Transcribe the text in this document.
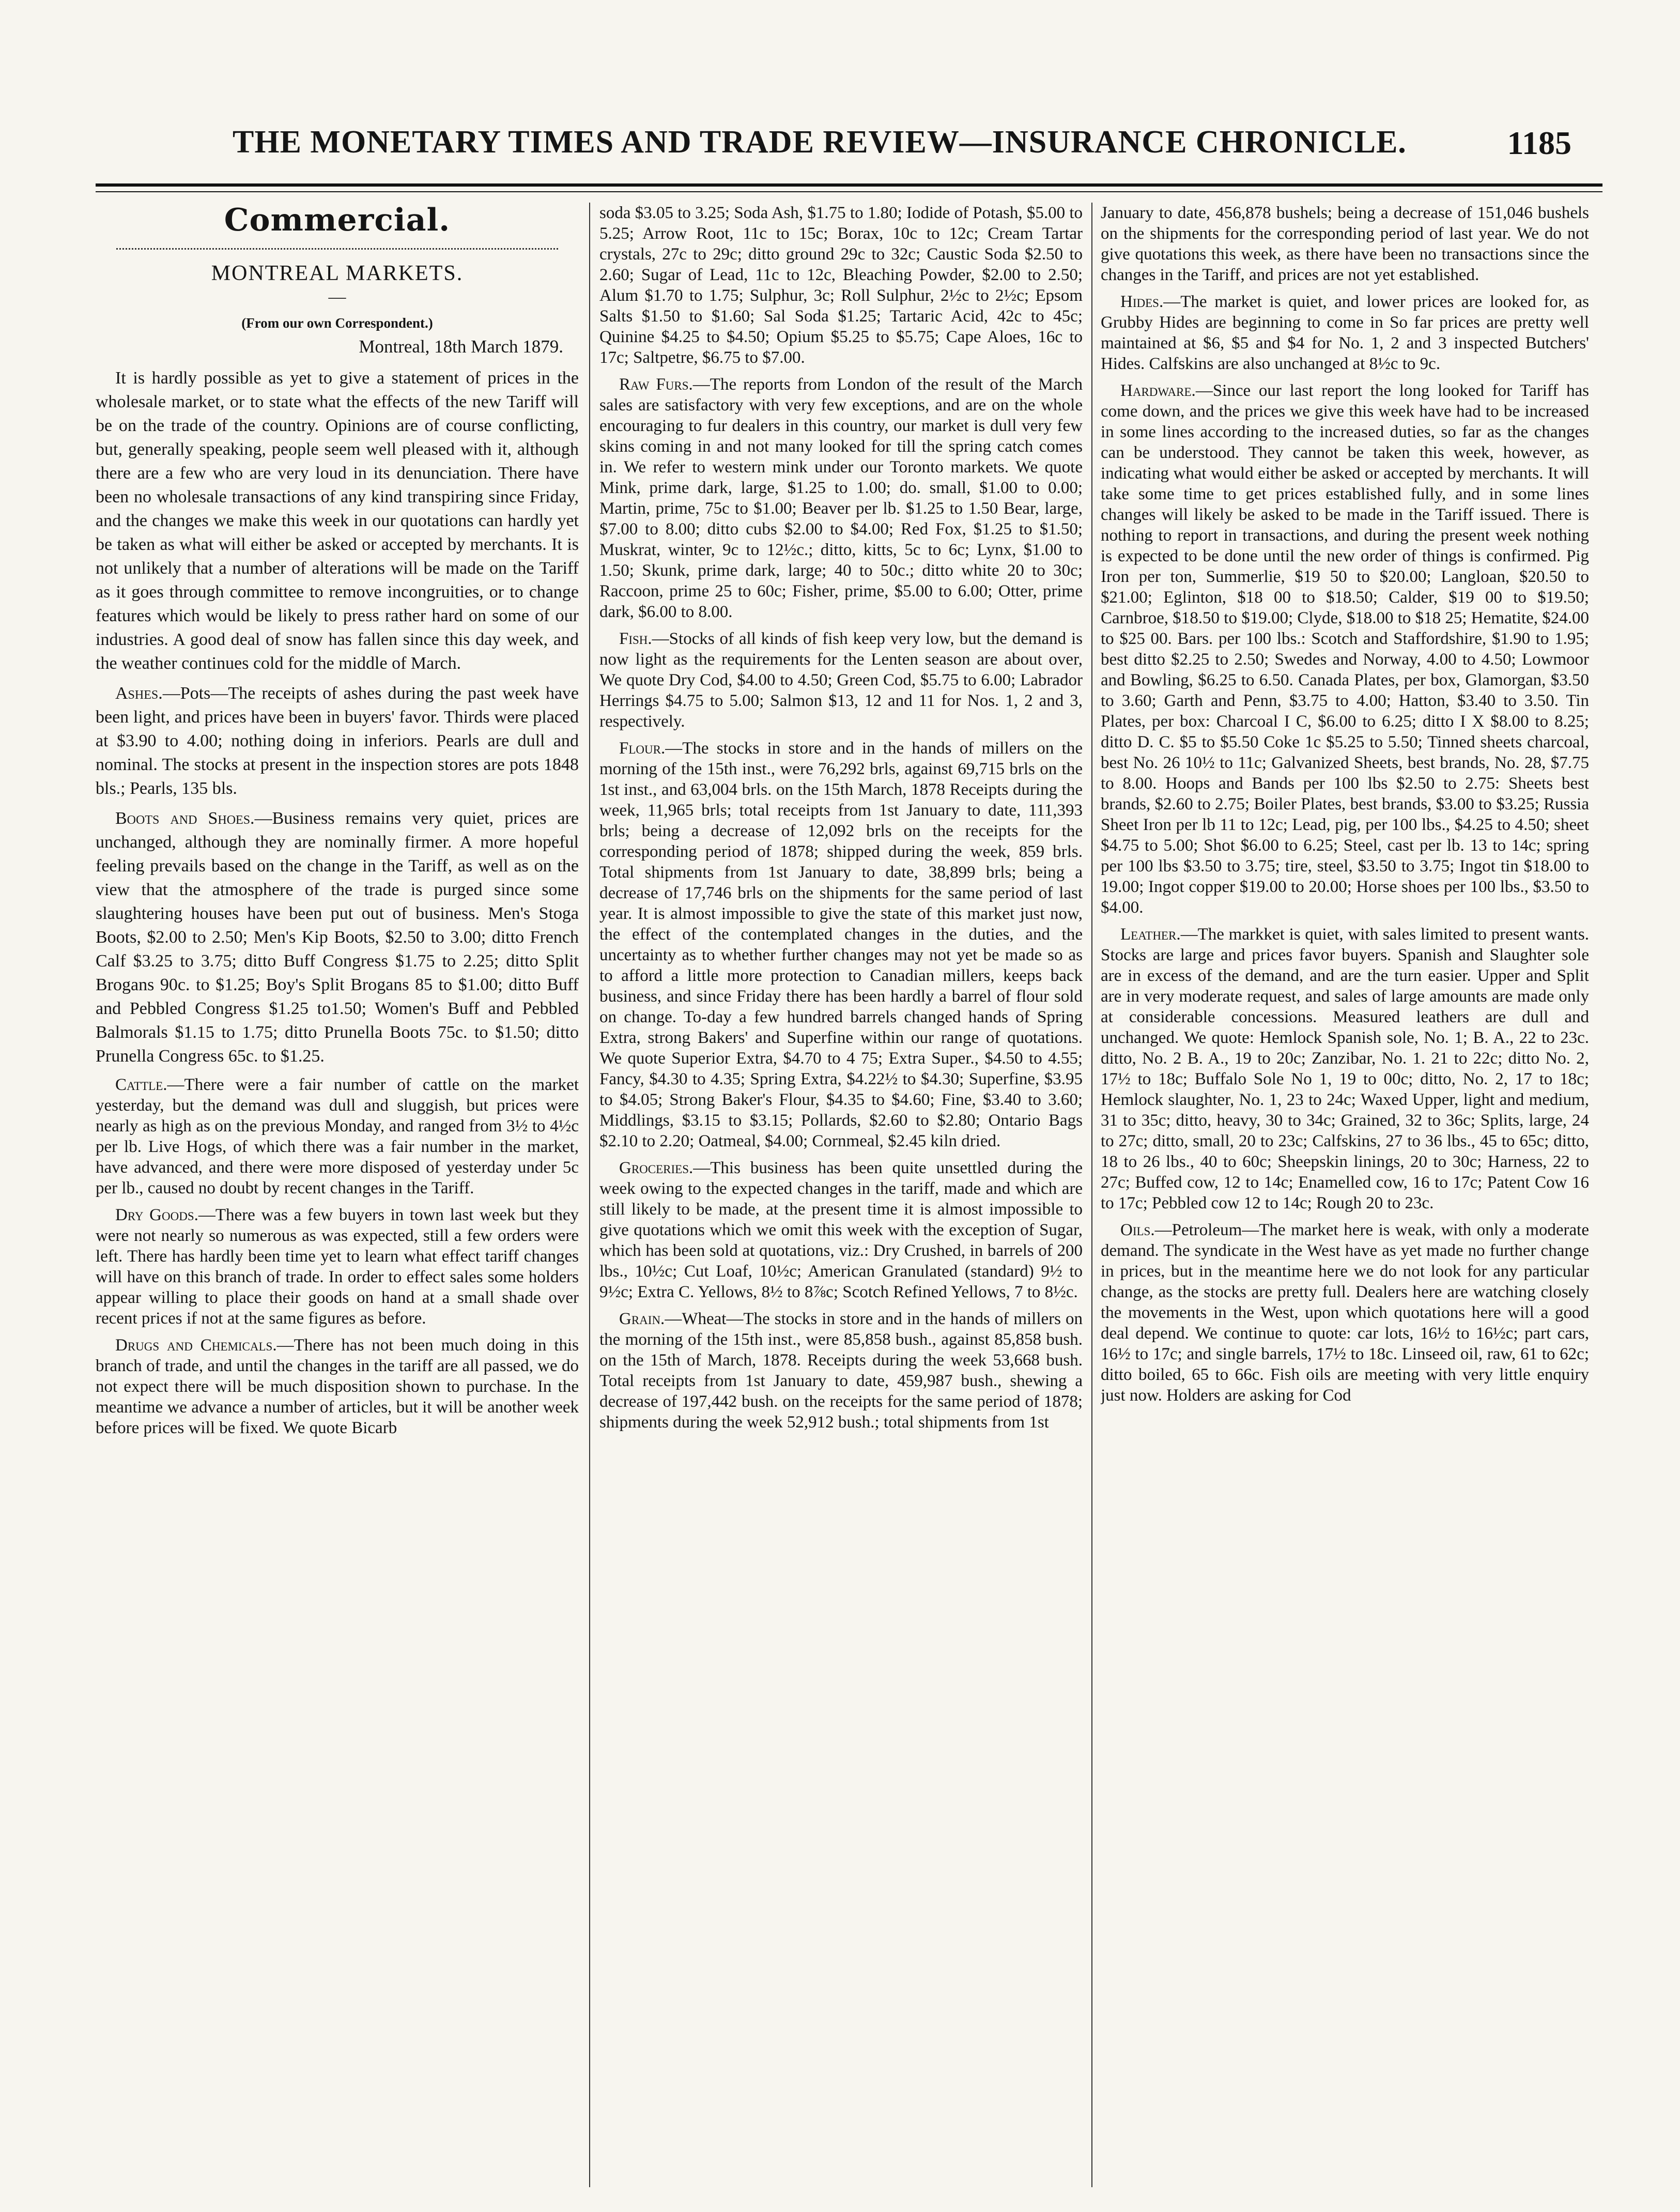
THE MONETARY TIMES AND TRADE REVIEW—INSURANCE CHRONICLE.	1185
Commercial.
MONTREAL MARKETS.
—
(From our own Correspondent.)
Montreal, 18th March 1879.

It is hardly possible as yet to give a statement of prices in the wholesale market, or to state what the effects of the new Tariff will be on the trade of the country. Opinions are of course conflicting, but, generally speaking, people seem well pleased with it, although there are a few who are very loud in its denunciation. There have been no wholesale transactions of any kind transpiring since Friday, and the changes we make this week in our quotations can hardly yet be taken as what will either be asked or accepted by merchants. It is not unlikely that a number of alterations will be made on the Tariff as it goes through committee to remove incongruities, or to change features which would be likely to press rather hard on some of our industries. A good deal of snow has fallen since this day week, and the weather continues cold for the middle of March.

Ashes.—Pots—The receipts of ashes during the past week have been light, and prices have been in buyers' favor. Thirds were placed at $3.90 to 4.00; nothing doing in inferiors. Pearls are dull and nominal. The stocks at present in the inspection stores are pots 1848 bls.; Pearls, 135 bls.

Boots and Shoes.—Business remains very quiet, prices are unchanged, although they are nominally firmer. A more hopeful feeling prevails based on the change in the Tariff, as well as on the view that the atmosphere of the trade is purged since some slaughtering houses have been put out of business. Men's Stoga Boots, $2.00 to 2.50; Men's Kip Boots, $2.50 to 3.00; ditto French Calf $3.25 to 3.75; ditto Buff Congress $1.75 to 2.25; ditto Split Brogans 90c. to $1.25; Boy's Split Brogans 85 to $1.00; ditto Buff and Pebbled Congress $1.25 to1.50; Women's Buff and Pebbled Balmorals $1.15 to 1.75; ditto Prunella Boots 75c. to $1.50; ditto Prunella Congress 65c. to $1.25.

Cattle.—There were a fair number of cattle on the market yesterday, but the demand was dull and sluggish, but prices were nearly as high as on the previous Monday, and ranged from 3½ to 4½c per lb. Live Hogs, of which there was a fair number in the market, have advanced, and there were more disposed of yesterday under 5c per lb., caused no doubt by recent changes in the Tariff.

Dry Goods.—There was a few buyers in town last week but they were not nearly so numerous as was expected, still a few orders were left. There has hardly been time yet to learn what effect tariff changes will have on this branch of trade. In order to effect sales some holders appear willing to place their goods on hand at a small shade over recent prices if not at the same figures as before.

Drugs and Chemicals.—There has not been much doing in this branch of trade, and until the changes in the tariff are all passed, we do not expect there will be much disposition shown to purchase. In the meantime we advance a number of articles, but it will be another week before prices will be fixed. We quote Bicarb

soda $3.05 to 3.25; Soda Ash, $1.75 to 1.80; Iodide of Potash, $5.00 to 5.25; Arrow Root, 11c to 15c; Borax, 10c to 12c; Cream Tartar crystals, 27c to 29c; ditto ground 29c to 32c; Caustic Soda $2.50 to 2.60; Sugar of Lead, 11c to 12c, Bleaching Powder, $2.00 to 2.50; Alum $1.70 to 1.75; Sulphur, 3c; Roll Sulphur, 2½c to 2½c; Epsom Salts $1.50 to $1.60; Sal Soda $1.25; Tartaric Acid, 42c to 45c; Quinine $4.25 to $4.50; Opium $5.25 to $5.75; Cape Aloes, 16c to 17c; Saltpetre, $6.75 to $7.00.

Raw Furs.—The reports from London of the result of the March sales are satisfactory with very few exceptions, and are on the whole encouraging to fur dealers in this country, our market is dull very few skins coming in and not many looked for till the spring catch comes in. We refer to western mink under our Toronto markets. We quote Mink, prime dark, large, $1.25 to 1.00; do. small, $1.00 to 0.00; Martin, prime, 75c to $1.00; Beaver per lb. $1.25 to 1.50 Bear, large, $7.00 to 8.00; ditto cubs $2.00 to $4.00; Red Fox, $1.25 to $1.50; Muskrat, winter, 9c to 12½c.; ditto, kitts, 5c to 6c; Lynx, $1.00 to 1.50; Skunk, prime dark, large; 40 to 50c.; ditto white 20 to 30c; Raccoon, prime 25 to 60c; Fisher, prime, $5.00 to 6.00; Otter, prime dark, $6.00 to 8.00.

Fish.—Stocks of all kinds of fish keep very low, but the demand is now light as the requirements for the Lenten season are about over, We quote Dry Cod, $4.00 to 4.50; Green Cod, $5.75 to 6.00; Labrador Herrings $4.75 to 5.00; Salmon $13, 12 and 11 for Nos. 1, 2 and 3, respectively.

Flour.—The stocks in store and in the hands of millers on the morning of the 15th inst., were 76,292 brls, against 69,715 brls on the 1st inst., and 63,004 brls. on the 15th March, 1878 Receipts during the week, 11,965 brls; total receipts from 1st January to date, 111,393 brls; being a decrease of 12,092 brls on the receipts for the corresponding period of 1878; shipped during the week, 859 brls. Total shipments from 1st January to date, 38,899 brls; being a decrease of 17,746 brls on the shipments for the same period of last year. It is almost impossible to give the state of this market just now, the effect of the contemplated changes in the duties, and the uncertainty as to whether further changes may not yet be made so as to afford a little more protection to Canadian millers, keeps back business, and since Friday there has been hardly a barrel of flour sold on change. To-day a few hundred barrels changed hands of Spring Extra, strong Bakers' and Superfine within our range of quotations. We quote Superior Extra, $4.70 to 4 75; Extra Super., $4.50 to 4.55; Fancy, $4.30 to 4.35; Spring Extra, $4.22½ to $4.30; Superfine, $3.95 to $4.05; Strong Baker's Flour, $4.35 to $4.60; Fine, $3.40 to 3.60; Middlings, $3.15 to $3.15; Pollards, $2.60 to $2.80; Ontario Bags $2.10 to 2.20; Oatmeal, $4.00; Cornmeal, $2.45 kiln dried.

Groceries.—This business has been quite unsettled during the week owing to the expected changes in the tariff, made and which are still likely to be made, at the present time it is almost impossible to give quotations which we omit this week with the exception of Sugar, which has been sold at quotations, viz.: Dry Crushed, in barrels of 200 lbs., 10½c; Cut Loaf, 10½c; American Granulated (standard) 9½ to 9½c; Extra C. Yellows, 8½ to 8⅞c; Scotch Refined Yellows, 7 to 8½c.

Grain.—Wheat—The stocks in store and in the hands of millers on the morning of the 15th inst., were 85,858 bush., against 85,858 bush. on the 15th of March, 1878. Receipts during the week 53,668 bush. Total receipts from 1st January to date, 459,987 bush., shewing a decrease of 197,442 bush. on the receipts for the same period of 1878; shipments during the week 52,912 bush.; total shipments from 1st

January to date, 456,878 bushels; being a decrease of 151,046 bushels on the shipments for the corresponding period of last year. We do not give quotations this week, as there have been no transactions since the changes in the Tariff, and prices are not yet established.

Hides.—The market is quiet, and lower prices are looked for, as Grubby Hides are beginning to come in So far prices are pretty well maintained at $6, $5 and $4 for No. 1, 2 and 3 inspected Butchers' Hides. Calfskins are also unchanged at 8½c to 9c.

Hardware.—Since our last report the long looked for Tariff has come down, and the prices we give this week have had to be increased in some lines according to the increased duties, so far as the changes can be understood. They cannot be taken this week, however, as indicating what would either be asked or accepted by merchants. It will take some time to get prices established fully, and in some lines changes will likely be asked to be made in the Tariff issued. There is nothing to report in transactions, and during the present week nothing is expected to be done until the new order of things is confirmed. Pig Iron per ton, Summerlie, $19 50 to $20.00; Langloan, $20.50 to $21.00; Eglinton, $18 00 to $18.50; Calder, $19 00 to $19.50; Carnbroe, $18.50 to $19.00; Clyde, $18.00 to $18 25; Hematite, $24.00 to $25 00. Bars. per 100 lbs.: Scotch and Staffordshire, $1.90 to 1.95; best ditto $2.25 to 2.50; Swedes and Norway, 4.00 to 4.50; Lowmoor and Bowling, $6.25 to 6.50. Canada Plates, per box, Glamorgan, $3.50 to 3.60; Garth and Penn, $3.75 to 4.00; Hatton, $3.40 to 3.50. Tin Plates, per box: Charcoal I C, $6.00 to 6.25; ditto I X $8.00 to 8.25; ditto D. C. $5 to $5.50 Coke 1c $5.25 to 5.50; Tinned sheets charcoal, best No. 26 10½ to 11c; Galvanized Sheets, best brands, No. 28, $7.75 to 8.00. Hoops and Bands per 100 lbs $2.50 to 2.75: Sheets best brands, $2.60 to 2.75; Boiler Plates, best brands, $3.00 to $3.25; Russia Sheet Iron per lb 11 to 12c; Lead, pig, per 100 lbs., $4.25 to 4.50; sheet $4.75 to 5.00; Shot $6.00 to 6.25; Steel, cast per lb. 13 to 14c; spring per 100 lbs $3.50 to 3.75; tire, steel, $3.50 to 3.75; Ingot tin $18.00 to 19.00; Ingot copper $19.00 to 20.00; Horse shoes per 100 lbs., $3.50 to $4.00.

Leather.—The markket is quiet, with sales limited to present wants. Stocks are large and prices favor buyers. Spanish and Slaughter sole are in excess of the demand, and are the turn easier. Upper and Split are in very moderate request, and sales of large amounts are made only at considerable concessions. Measured leathers are dull and unchanged. We quote: Hemlock Spanish sole, No. 1; B. A., 22 to 23c. ditto, No. 2 B. A., 19 to 20c; Zanzibar, No. 1. 21 to 22c; ditto No. 2, 17½ to 18c; Buffalo Sole No 1, 19 to 00c; ditto, No. 2, 17 to 18c; Hemlock slaughter, No. 1, 23 to 24c; Waxed Upper, light and medium, 31 to 35c; ditto, heavy, 30 to 34c; Grained, 32 to 36c; Splits, large, 24 to 27c; ditto, small, 20 to 23c; Calfskins, 27 to 36 lbs., 45 to 65c; ditto, 18 to 26 lbs., 40 to 60c; Sheepskin linings, 20 to 30c; Harness, 22 to 27c; Buffed cow, 12 to 14c; Enamelled cow, 16 to 17c; Patent Cow 16 to 17c; Pebbled cow 12 to 14c; Rough 20 to 23c.

Oils.—Petroleum—The market here is weak, with only a moderate demand. The syndicate in the West have as yet made no further change in prices, but in the meantime here we do not look for any particular change, as the stocks are pretty full. Dealers here are watching closely the movements in the West, upon which quotations here will a good deal depend. We continue to quote: car lots, 16½ to 16½c; part cars, 16½ to 17c; and single barrels, 17½ to 18c. Linseed oil, raw, 61 to 62c; ditto boiled, 65 to 66c. Fish oils are meeting with very little enquiry just now. Holders are asking for Cod
